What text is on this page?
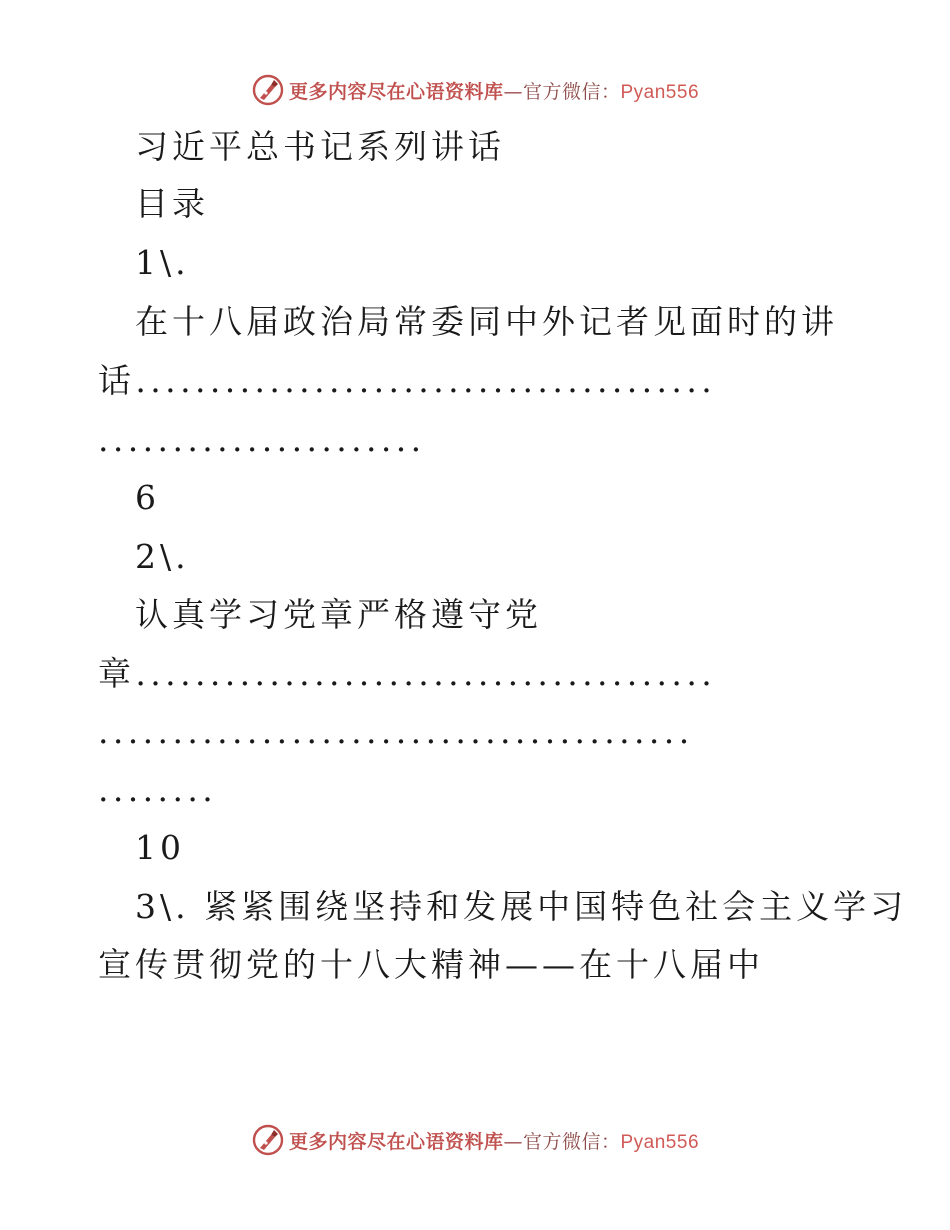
更多内容尽在心语资料库—官方微信：Pyan556
习近平总书记系列讲话
目录
1\.
在十八届政治局常委同中外记者见面时的讲
话.......................................
......................
6
2\.
认真学习党章严格遵守党
章.......................................
........................................
........
10
3\. 紧紧围绕坚持和发展中国特色社会主义学习
宣传贯彻党的十八大精神——在十八届中
更多内容尽在心语资料库—官方微信：Pyan556
